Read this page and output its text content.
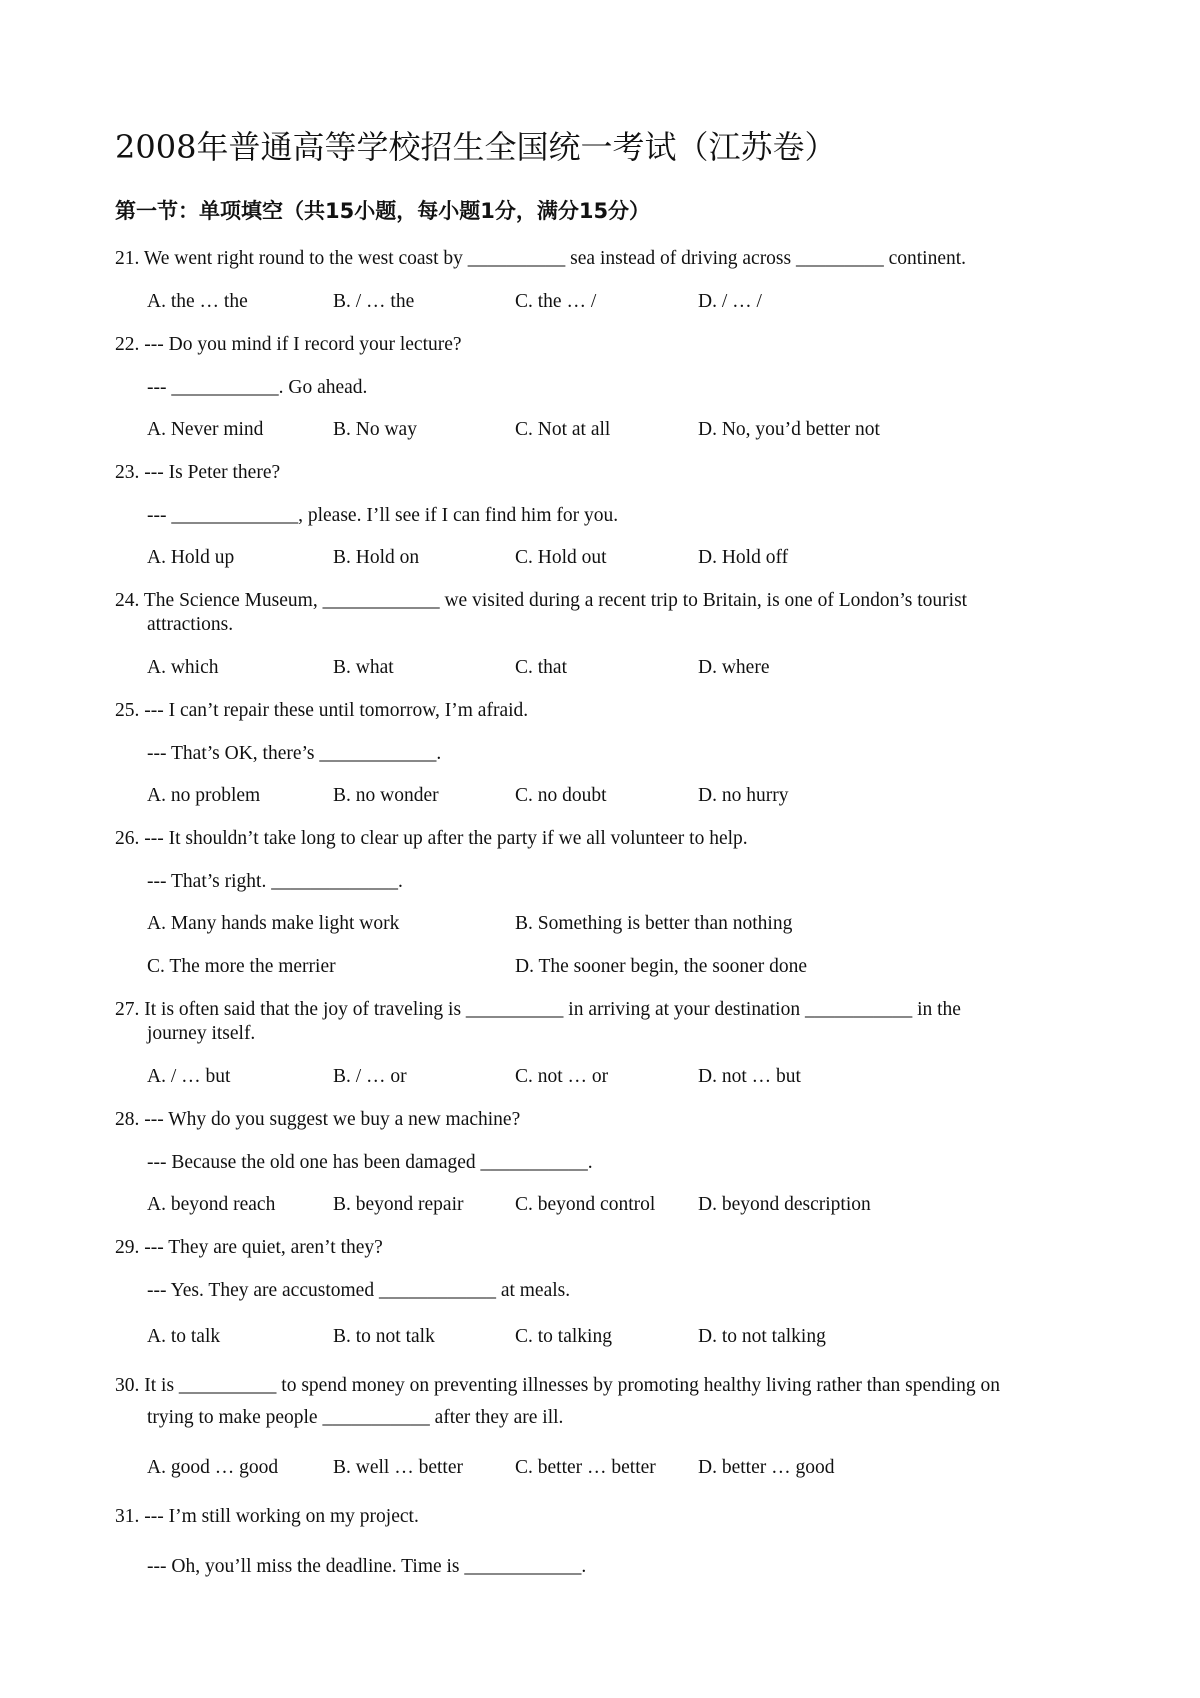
2008年普通高等学校招生全国统一考试（江苏卷）
第一节：单项填空（共15小题，每小题1分，满分15分）
21. We went right round to the west coast by __________ sea instead of driving across _________ continent.
A. the … the	B. / … the	C. the … /	D. / … /
22. --- Do you mind if I record your lecture?
--- ___________. Go ahead.
A. Never mind	B. No way	C. Not at all	D. No, you’d better not
23. --- Is Peter there?
--- _____________, please. I’ll see if I can find him for you.
A. Hold up	B. Hold on	C. Hold out	D. Hold off
24. The Science Museum, ____________ we visited during a recent trip to Britain, is one of London’s tourist
attractions.
A. which	B. what	C. that	D. where
25. --- I can’t repair these until tomorrow, I’m afraid.
--- That’s OK, there’s ____________.
A. no problem	B. no wonder	C. no doubt	D. no hurry
26. --- It shouldn’t take long to clear up after the party if we all volunteer to help.
--- That’s right. _____________.
A. Many hands make light work	B. Something is better than nothing
C. The more the merrier	D. The sooner begin, the sooner done
27. It is often said that the joy of traveling is __________ in arriving at your destination ___________ in the
journey itself.
A. / … but	B. / … or	C. not … or	D. not … but
28. --- Why do you suggest we buy a new machine?
--- Because the old one has been damaged ___________.
A. beyond reach	B. beyond repair	C. beyond control D. beyond description
29. --- They are quiet, aren’t they?
--- Yes. They are accustomed ____________ at meals.
A. to talk	B. to not talk	C. to talking	D. to not talking
30. It is __________ to spend money on preventing illnesses by promoting healthy living rather than spending on
trying to make people ___________ after they are ill.
A. good … good	B. well … better	C. better … better D. better … good
31. --- I’m still working on my project.
--- Oh, you’ll miss the deadline. Time is ____________.
